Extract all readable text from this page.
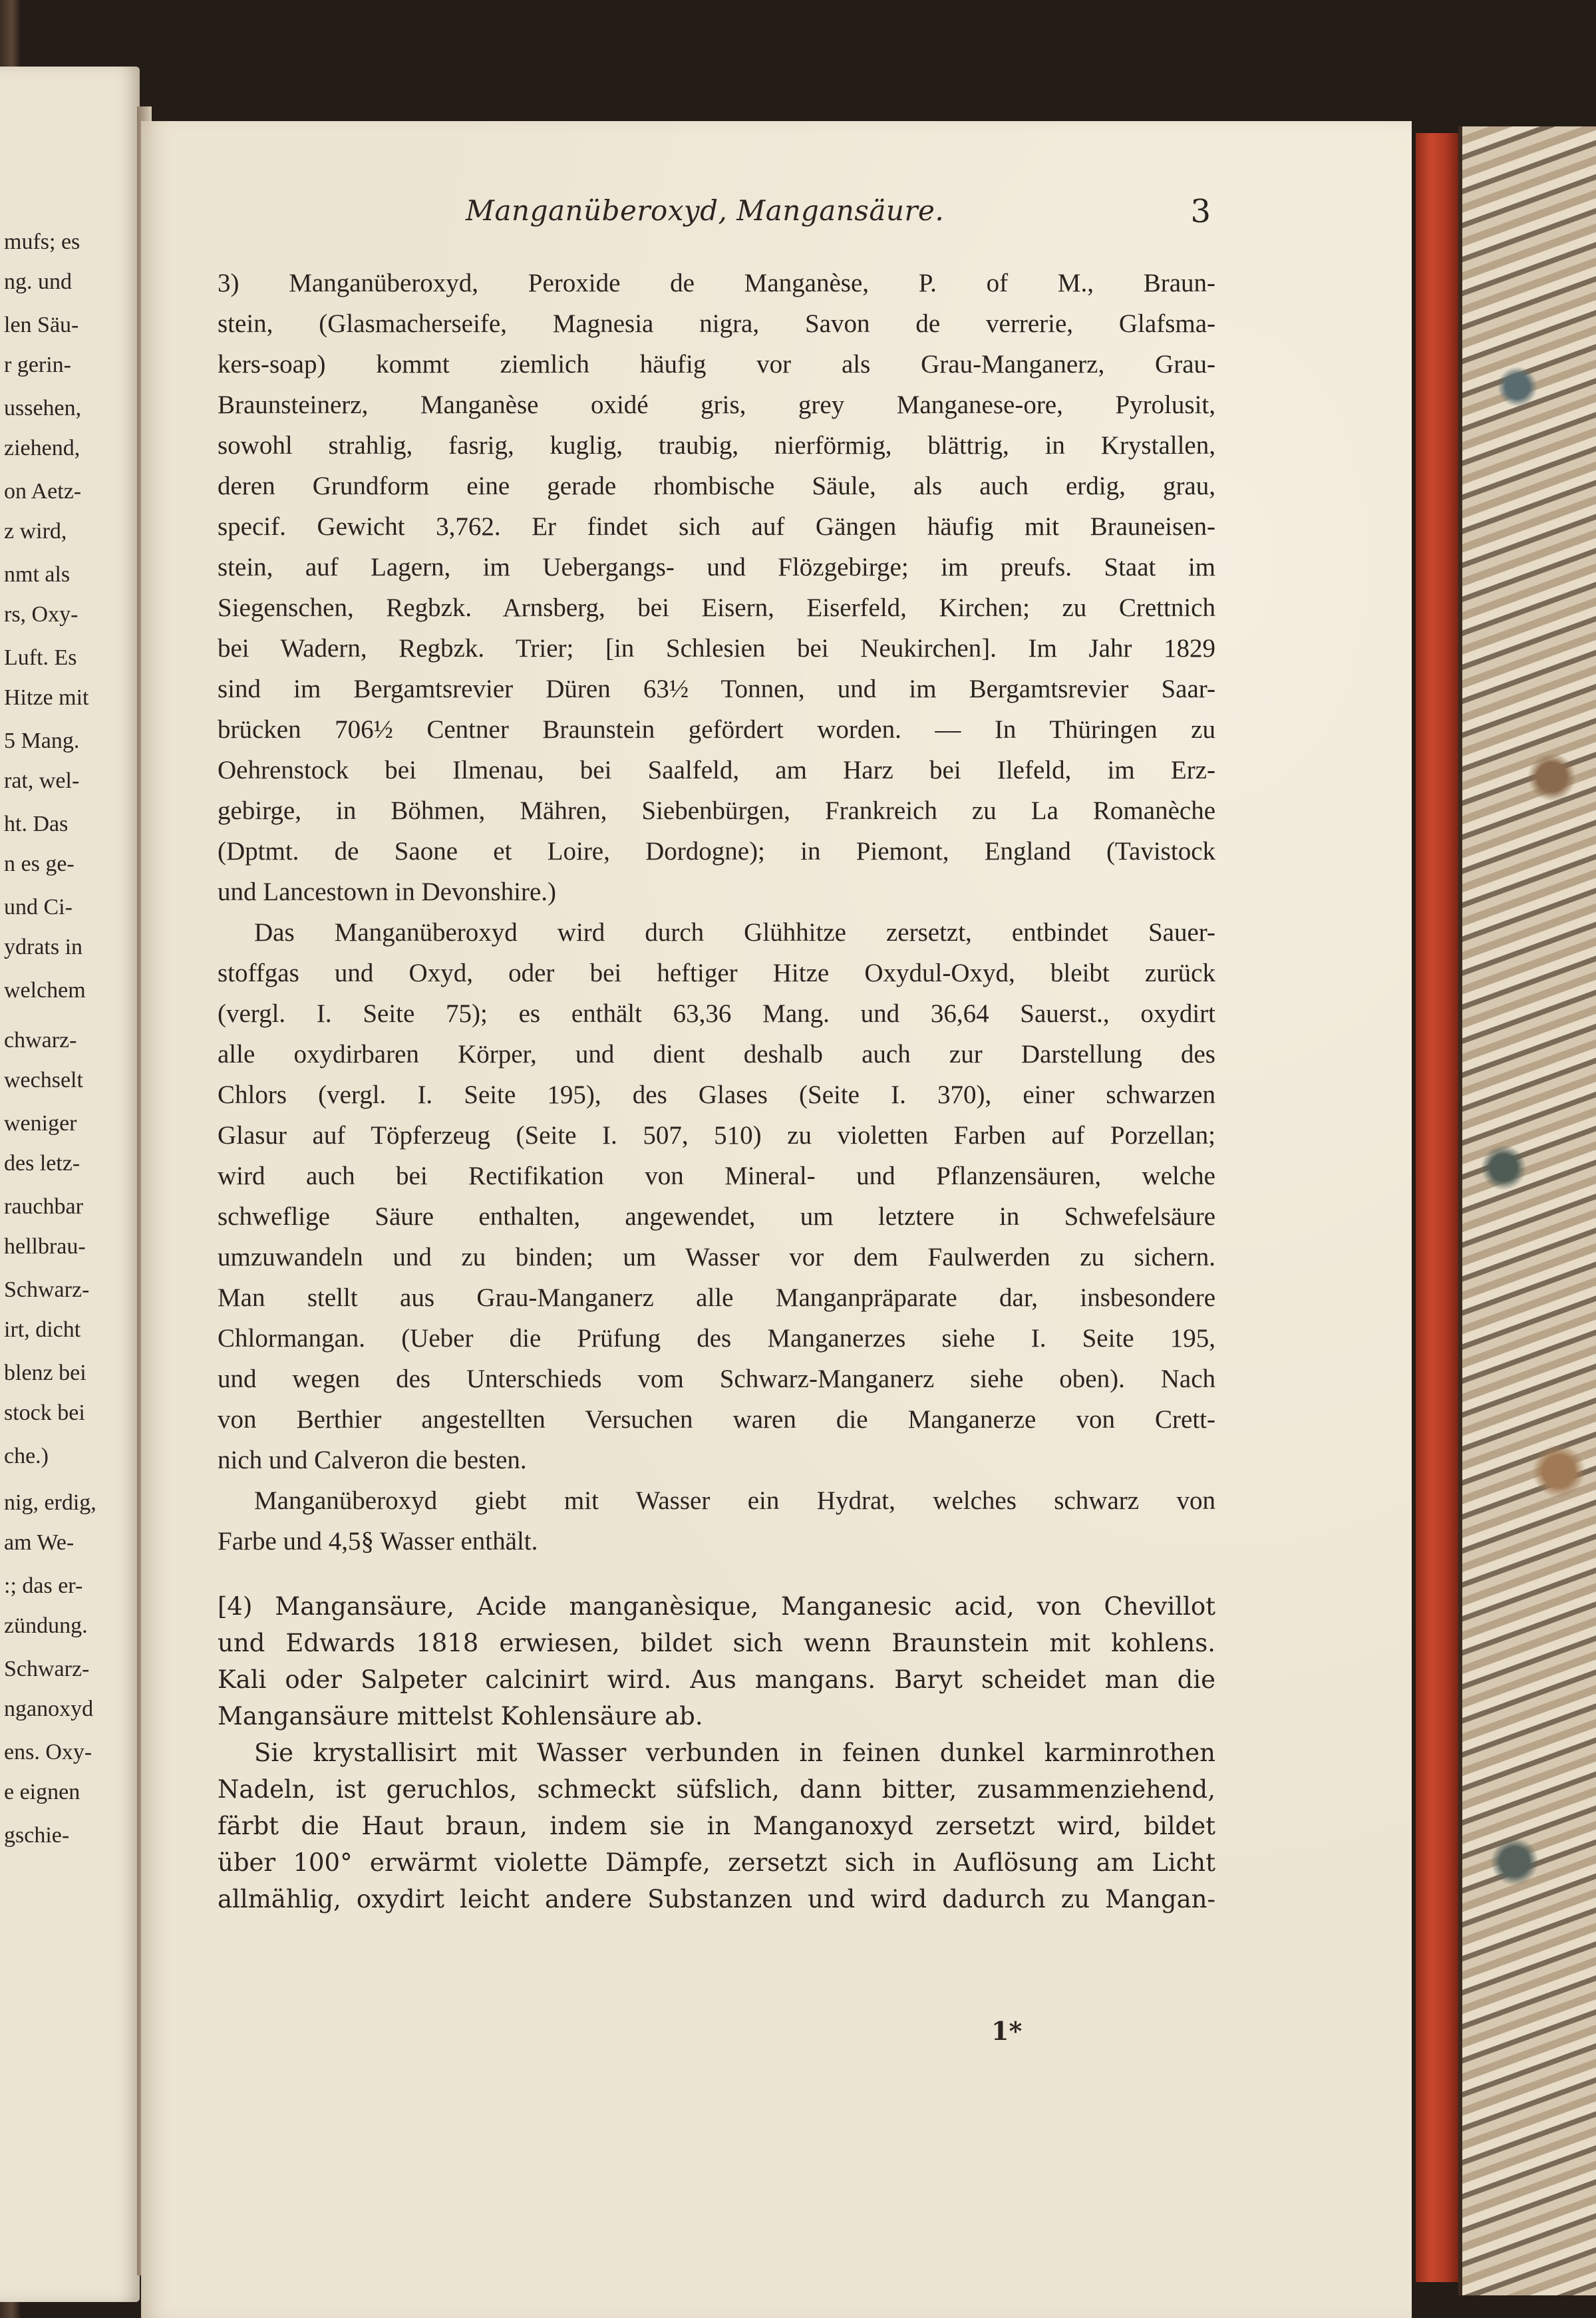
mufs; es
ng. und
len Säu-
r gerin-
ussehen,
ziehend,
on Aetz-
z wird,
nmt als
rs, Oxy-
Luft. Es
Hitze mit
5 Mang.
rat, wel-
ht. Das
n es ge-
und Ci-
ydrats in
welchem
chwarz-
wechselt
weniger
des letz-
rauchbar
hellbrau-
Schwarz-
irt, dicht
blenz bei
stock bei
che.)
nig, erdig,
am We-
:; das er-
zündung.
Schwarz-
nganoxyd
ens. Oxy-
e eignen
gschie-
Manganüberoxyd, Mangansäure.	3
3) Manganüberoxyd, Peroxide de Manganèse, P. of M., Braun-
stein, (Glasmacherseife, Magnesia nigra, Savon de verrerie, Glafsma-
kers-soap) kommt ziemlich häufig vor als Grau-Manganerz, Grau-
Braunsteinerz, Manganèse oxidé gris, grey Manganese-ore, Pyrolusit,
sowohl strahlig, fasrig, kuglig, traubig, nierförmig, blättrig, in Krystallen,
deren Grundform eine gerade rhombische Säule, als auch erdig, grau,
specif. Gewicht 3,762. Er findet sich auf Gängen häufig mit Brauneisen-
stein, auf Lagern, im Uebergangs- und Flözgebirge; im preufs. Staat im
Siegenschen, Regbzk. Arnsberg, bei Eisern, Eiserfeld, Kirchen; zu Crettnich
bei Wadern, Regbzk. Trier; [in Schlesien bei Neukirchen]. Im Jahr 1829
sind im Bergamtsrevier Düren 63½ Tonnen, und im Bergamtsrevier Saar-
brücken 706½ Centner Braunstein gefördert worden. — In Thüringen zu
Oehrenstock bei Ilmenau, bei Saalfeld, am Harz bei Ilefeld, im Erz-
gebirge, in Böhmen, Mähren, Siebenbürgen, Frankreich zu La Romanèche
(Dptmt. de Saone et Loire, Dordogne); in Piemont, England (Tavistock
und Lancestown in Devonshire.)
Das Manganüberoxyd wird durch Glühhitze zersetzt, entbindet Sauer-
stoffgas und Oxyd, oder bei heftiger Hitze Oxydul-Oxyd, bleibt zurück
(vergl. I. Seite 75); es enthält 63,36 Mang. und 36,64 Sauerst., oxydirt
alle oxydirbaren Körper, und dient deshalb auch zur Darstellung des
Chlors (vergl. I. Seite 195), des Glases (Seite I. 370), einer schwarzen
Glasur auf Töpferzeug (Seite I. 507, 510) zu violetten Farben auf Porzellan;
wird auch bei Rectifikation von Mineral- und Pflanzensäuren, welche
schweflige Säure enthalten, angewendet, um letztere in Schwefelsäure
umzuwandeln und zu binden; um Wasser vor dem Faulwerden zu sichern.
Man stellt aus Grau-Manganerz alle Manganpräparate dar, insbesondere
Chlormangan. (Ueber die Prüfung des Manganerzes siehe I. Seite 195,
und wegen des Unterschieds vom Schwarz-Manganerz siehe oben). Nach
von Berthier angestellten Versuchen waren die Manganerze von Crett-
nich und Calveron die besten.
Manganüberoxyd giebt mit Wasser ein Hydrat, welches schwarz von
Farbe und 4,5§ Wasser enthält.
[4) Mangansäure, Acide manganèsique, Manganesic acid, von Chevillot
und Edwards 1818 erwiesen, bildet sich wenn Braunstein mit kohlens.
Kali oder Salpeter calcinirt wird. Aus mangans. Baryt scheidet man die
Mangansäure mittelst Kohlensäure ab.
Sie krystallisirt mit Wasser verbunden in feinen dunkel karminrothen
Nadeln, ist geruchlos, schmeckt süfslich, dann bitter, zusammenziehend,
färbt die Haut braun, indem sie in Manganoxyd zersetzt wird, bildet
über 100° erwärmt violette Dämpfe, zersetzt sich in Auflösung am Licht
allmählig, oxydirt leicht andere Substanzen und wird dadurch zu Mangan-
1*
